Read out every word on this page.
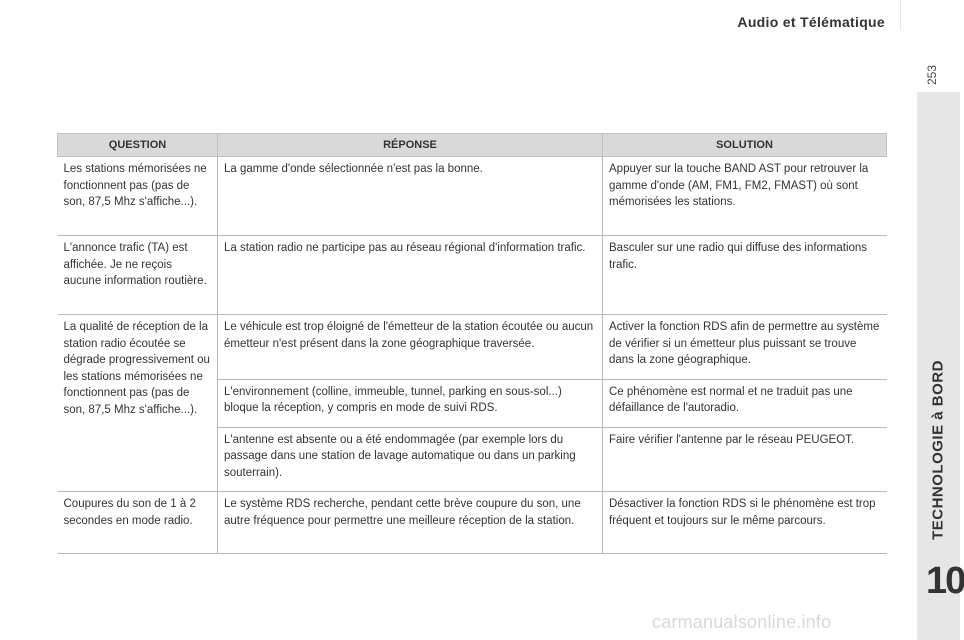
Audio et Télématique
253
TECHNOLOGIE à BORD
10
QUESTION	RÉPONSE	SOLUTION
Les stations mémorisées ne fonctionnent pas (pas de son, 87,5 Mhz s'affiche...).	La gamme d'onde sélectionnée n'est pas la bonne.	Appuyer sur la touche BAND AST pour retrouver la gamme d'onde (AM, FM1, FM2, FMAST) où sont mémorisées les stations.
L'annonce trafic (TA) est affichée. Je ne reçois aucune information routière.	La station radio ne participe pas au réseau régional d'information trafic.	Basculer sur une radio qui diffuse des informations trafic.
La qualité de réception de la station radio écoutée se dégrade progressivement ou les stations mémorisées ne fonctionnent pas (pas de son, 87,5 Mhz s'affiche...).	Le véhicule est trop éloigné de l'émetteur de la station écoutée ou aucun émetteur n'est présent dans la zone géographique traversée.	Activer la fonction RDS afin de permettre au système de vérifier si un émetteur plus puissant se trouve dans la zone géographique.
	L'environnement (colline, immeuble, tunnel, parking en sous-sol...) bloque la réception, y compris en mode de suivi RDS.	Ce phénomène est normal et ne traduit pas une défaillance de l'autoradio.
	L'antenne est absente ou a été endommagée (par exemple lors du passage dans une station de lavage automatique ou dans un parking souterrain).	Faire vérifier l'antenne par le réseau PEUGEOT.
Coupures du son de 1 à 2 secondes en mode radio.	Le système RDS recherche, pendant cette brève coupure du son, une autre fréquence pour permettre une meilleure réception de la station.	Désactiver la fonction RDS si le phénomène est trop fréquent et toujours sur le même parcours.
carmanualsonline.info
